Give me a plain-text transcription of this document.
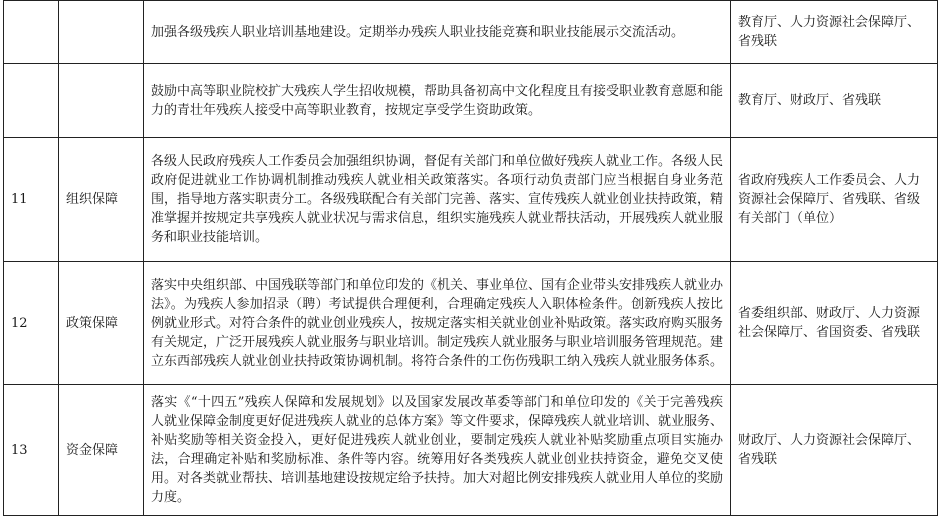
		加强各级残疾人职业培训基地建设。定期举办残疾人职业技能竞赛和职业技能展示交流活动。	教育厅、人力资源社会保障厅、省残联
		鼓励中高等职业院校扩大残疾人学生招收规模，帮助具备初高中文化程度且有接受职业教育意愿和能力的青壮年残疾人接受中高等职业教育，按规定享受学生资助政策。	教育厅、财政厅、省残联
11	组织保障	各级人民政府残疾人工作委员会加强组织协调，督促有关部门和单位做好残疾人就业工作。各级人民政府促进就业工作协调机制推动残疾人就业相关政策落实。各项行动负责部门应当根据自身业务范围，指导地方落实职责分工。各级残联配合有关部门完善、落实、宣传残疾人就业创业扶持政策，精准掌握并按规定共享残疾人就业状况与需求信息，组织实施残疾人就业帮扶活动，开展残疾人就业服务和职业技能培训。	省政府残疾人工作委员会、人力资源社会保障厅、省残联、省级有关部门（单位）
12	政策保障	落实中央组织部、中国残联等部门和单位印发的《机关、事业单位、国有企业带头安排残疾人就业办法》。为残疾人参加招录（聘）考试提供合理便利，合理确定残疾人入职体检条件。创新残疾人按比例就业形式。对符合条件的就业创业残疾人，按规定落实相关就业创业补贴政策。落实政府购买服务有关规定，广泛开展残疾人就业服务与职业培训。制定残疾人就业服务与职业培训服务管理规范。建立东西部残疾人就业创业扶持政策协调机制。将符合条件的工伤伤残职工纳入残疾人就业服务体系。	省委组织部、财政厅、人力资源社会保障厅、省国资委、省残联
13	资金保障	落实《“十四五”残疾人保障和发展规划》以及国家发展改革委等部门和单位印发的《关于完善残疾人就业保障金制度更好促进残疾人就业的总体方案》等文件要求，保障残疾人就业培训、就业服务、补贴奖励等相关资金投入，更好促进残疾人就业创业，要制定残疾人就业补贴奖励重点项目实施办法，合理确定补贴和奖励标准、条件等内容。统筹用好各类残疾人就业创业扶持资金，避免交叉使用。对各类就业帮扶、培训基地建设按规定给予扶持。加大对超比例安排残疾人就业用人单位的奖励力度。	财政厅、人力资源社会保障厅、省残联
